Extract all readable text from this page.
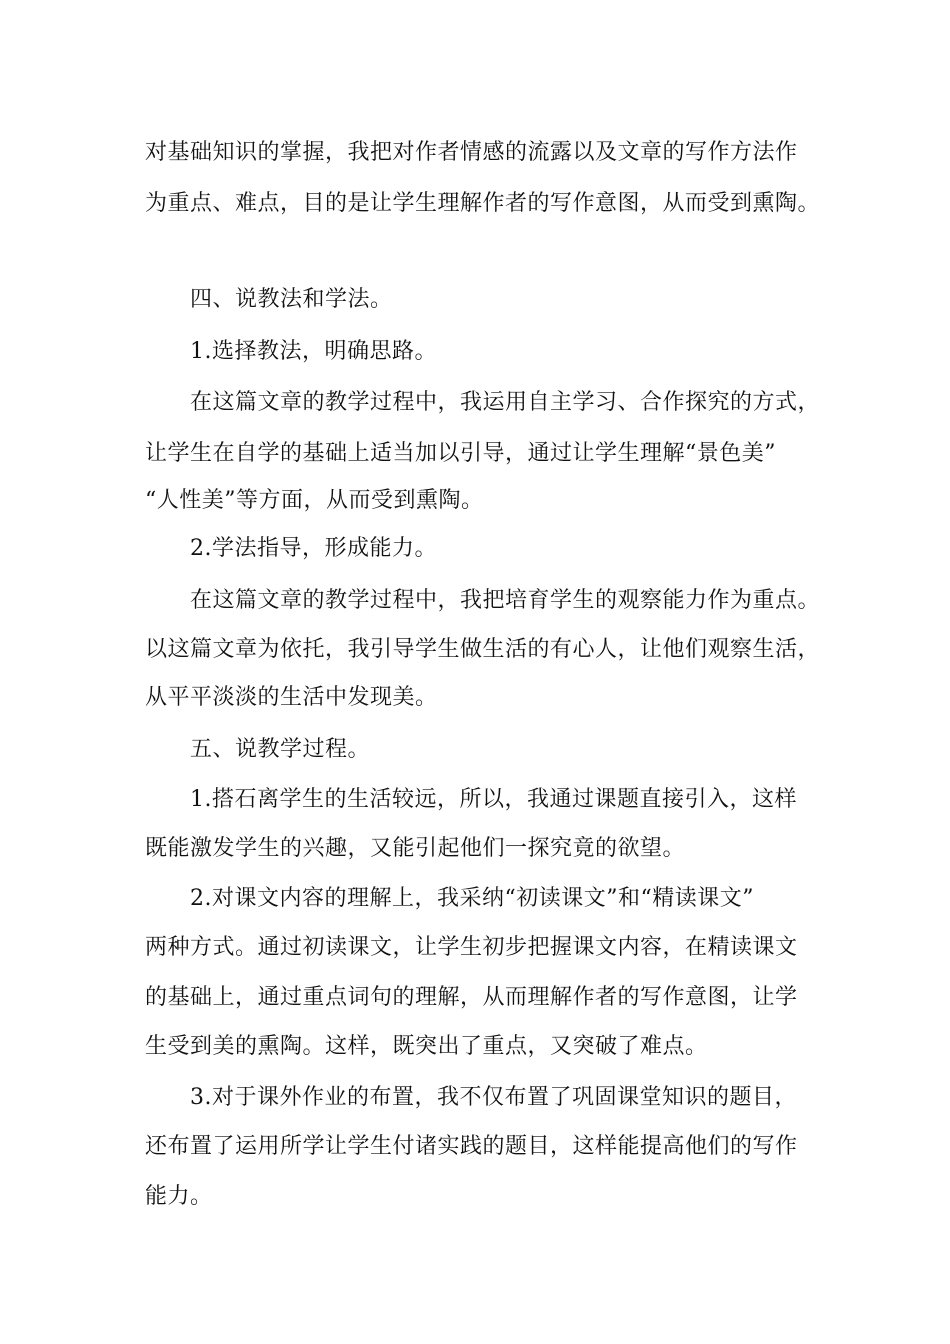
对基础知识的掌握，我把对作者情感的流露以及文章的写作方法作
为重点、难点，目的是让学生理解作者的写作意图，从而受到熏陶。
四、说教法和学法。
1.选择教法，明确思路。
在这篇文章的教学过程中，我运用自主学习、合作探究的方式，
让学生在自学的基础上适当加以引导，通过让学生理解“景色美”
“人性美”等方面，从而受到熏陶。
2.学法指导，形成能力。
在这篇文章的教学过程中，我把培育学生的观察能力作为重点。
以这篇文章为依托，我引导学生做生活的有心人，让他们观察生活，
从平平淡淡的生活中发现美。
五、说教学过程。
1.搭石离学生的生活较远，所以，我通过课题直接引入，这样
既能激发学生的兴趣，又能引起他们一探究竟的欲望。
2.对课文内容的理解上，我采纳“初读课文”和“精读课文”
两种方式。通过初读课文，让学生初步把握课文内容，在精读课文
的基础上，通过重点词句的理解，从而理解作者的写作意图，让学
生受到美的熏陶。这样，既突出了重点，又突破了难点。
3.对于课外作业的布置，我不仅布置了巩固课堂知识的题目，
还布置了运用所学让学生付诸实践的题目，这样能提高他们的写作
能力。
